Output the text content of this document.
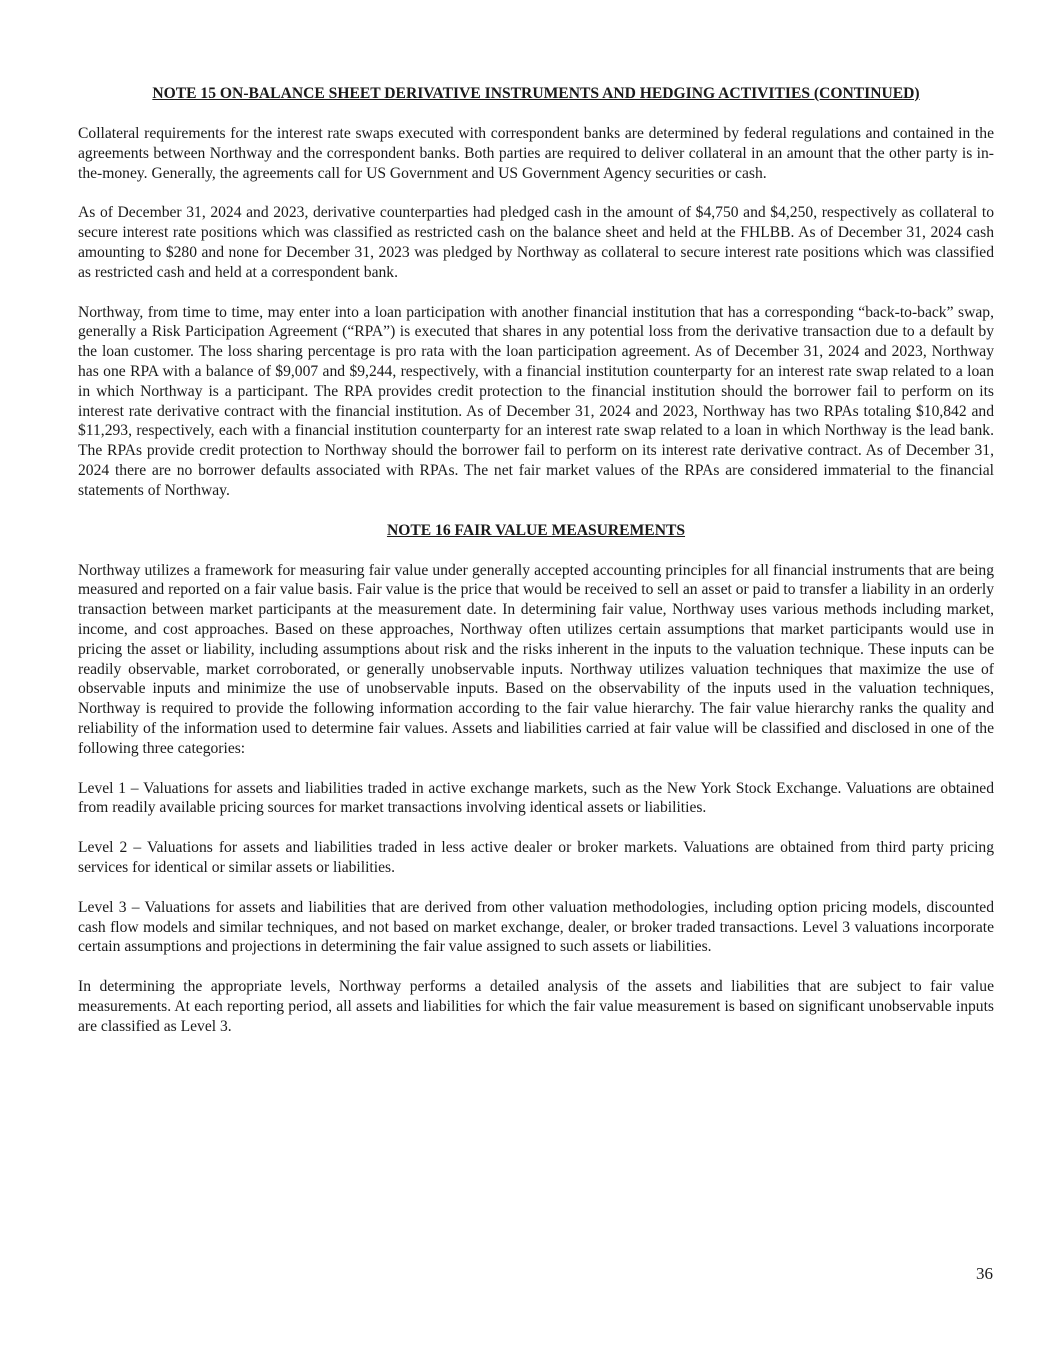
NOTE 15 ON-BALANCE SHEET DERIVATIVE INSTRUMENTS AND HEDGING ACTIVITIES (CONTINUED)

Collateral requirements for the interest rate swaps executed with correspondent banks are determined by federal regulations and contained in the agreements between Northway and the correspondent banks. Both parties are required to deliver collateral in an amount that the other party is in-the-money. Generally, the agreements call for US Government and US Government Agency securities or cash.

As of December 31, 2024 and 2023, derivative counterparties had pledged cash in the amount of $4,750 and $4,250, respectively as collateral to secure interest rate positions which was classified as restricted cash on the balance sheet and held at the FHLBB. As of December 31, 2024 cash amounting to $280 and none for December 31, 2023 was pledged by Northway as collateral to secure interest rate positions which was classified as restricted cash and held at a correspondent bank.

Northway, from time to time, may enter into a loan participation with another financial institution that has a corresponding “back-to-back” swap, generally a Risk Participation Agreement (“RPA”) is executed that shares in any potential loss from the derivative transaction due to a default by the loan customer. The loss sharing percentage is pro rata with the loan participation agreement. As of December 31, 2024 and 2023, Northway has one RPA with a balance of $9,007 and $9,244, respectively, with a financial institution counterparty for an interest rate swap related to a loan in which Northway is a participant. The RPA provides credit protection to the financial institution should the borrower fail to perform on its interest rate derivative contract with the financial institution. As of December 31, 2024 and 2023, Northway has two RPAs totaling $10,842 and $11,293, respectively, each with a financial institution counterparty for an interest rate swap related to a loan in which Northway is the lead bank. The RPAs provide credit protection to Northway should the borrower fail to perform on its interest rate derivative contract. As of December 31, 2024 there are no borrower defaults associated with RPAs. The net fair market values of the RPAs are considered immaterial to the financial statements of Northway.

NOTE 16 FAIR VALUE MEASUREMENTS

Northway utilizes a framework for measuring fair value under generally accepted accounting principles for all financial instruments that are being measured and reported on a fair value basis. Fair value is the price that would be received to sell an asset or paid to transfer a liability in an orderly transaction between market participants at the measurement date. In determining fair value, Northway uses various methods including market, income, and cost approaches. Based on these approaches, Northway often utilizes certain assumptions that market participants would use in pricing the asset or liability, including assumptions about risk and the risks inherent in the inputs to the valuation technique. These inputs can be readily observable, market corroborated, or generally unobservable inputs. Northway utilizes valuation techniques that maximize the use of observable inputs and minimize the use of unobservable inputs. Based on the observability of the inputs used in the valuation techniques, Northway is required to provide the following information according to the fair value hierarchy. The fair value hierarchy ranks the quality and reliability of the information used to determine fair values. Assets and liabilities carried at fair value will be classified and disclosed in one of the following three categories:

Level 1 – Valuations for assets and liabilities traded in active exchange markets, such as the New York Stock Exchange. Valuations are obtained from readily available pricing sources for market transactions involving identical assets or liabilities.

Level 2 – Valuations for assets and liabilities traded in less active dealer or broker markets. Valuations are obtained from third party pricing services for identical or similar assets or liabilities.

Level 3 – Valuations for assets and liabilities that are derived from other valuation methodologies, including option pricing models, discounted cash flow models and similar techniques, and not based on market exchange, dealer, or broker traded transactions. Level 3 valuations incorporate certain assumptions and projections in determining the fair value assigned to such assets or liabilities.

In determining the appropriate levels, Northway performs a detailed analysis of the assets and liabilities that are subject to fair value measurements. At each reporting period, all assets and liabilities for which the fair value measurement is based on significant unobservable inputs are classified as Level 3.

36
